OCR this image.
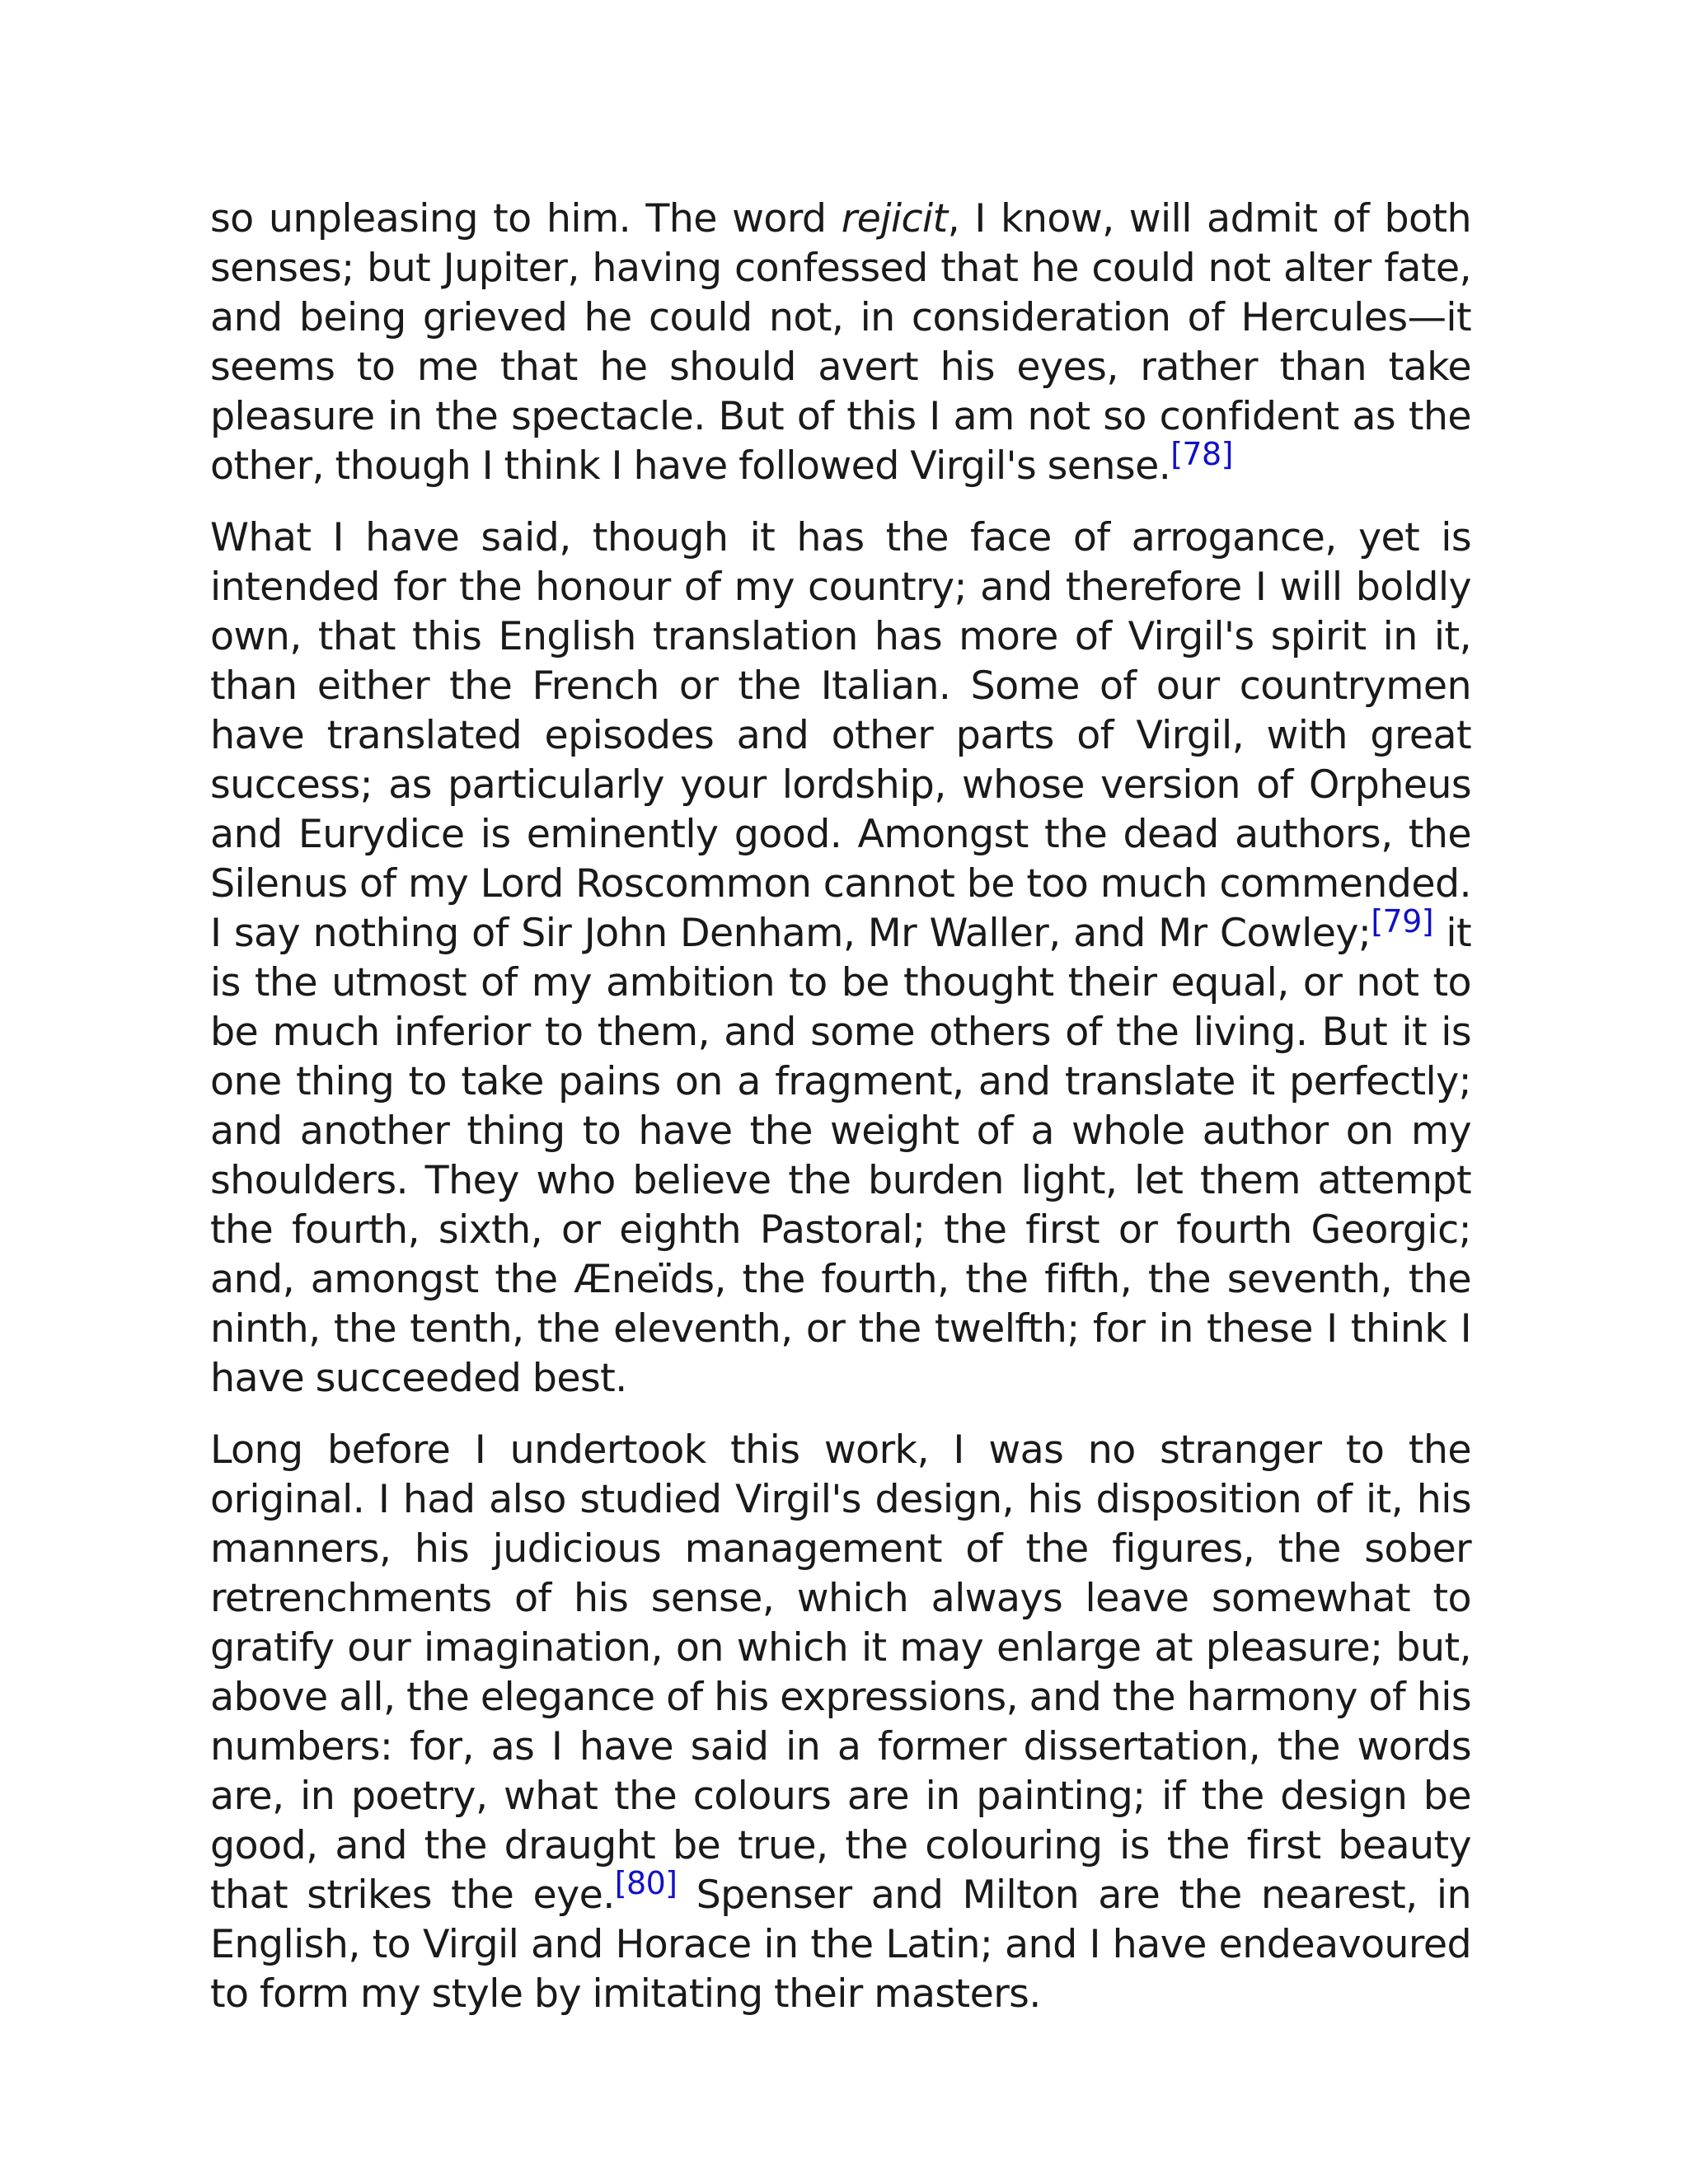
so unpleasing to him. The word rejicit, I know, will admit of both senses; but Jupiter, having confessed that he could not alter fate, and being grieved he could not, in consideration of Hercules—it seems to me that he should avert his eyes, rather than take pleasure in the spectacle. But of this I am not so confident as the other, though I think I have followed Virgil's sense.[78]

What I have said, though it has the face of arrogance, yet is intended for the honour of my country; and therefore I will boldly own, that this English translation has more of Virgil's spirit in it, than either the French or the Italian. Some of our countrymen have translated episodes and other parts of Virgil, with great success; as particularly your lordship, whose version of Orpheus and Eurydice is eminently good. Amongst the dead authors, the Silenus of my Lord Roscommon cannot be too much commended. I say nothing of Sir John Denham, Mr Waller, and Mr Cowley;[79] it is the utmost of my ambition to be thought their equal, or not to be much inferior to them, and some others of the living. But it is one thing to take pains on a fragment, and translate it perfectly; and another thing to have the weight of a whole author on my shoulders. They who believe the burden light, let them attempt the fourth, sixth, or eighth Pastoral; the first or fourth Georgic; and, amongst the Æneïds, the fourth, the fifth, the seventh, the ninth, the tenth, the eleventh, or the twelfth; for in these I think I have succeeded best.

Long before I undertook this work, I was no stranger to the original. I had also studied Virgil's design, his disposition of it, his manners, his judicious management of the figures, the sober retrenchments of his sense, which always leave somewhat to gratify our imagination, on which it may enlarge at pleasure; but, above all, the elegance of his expressions, and the harmony of his numbers: for, as I have said in a former dissertation, the words are, in poetry, what the colours are in painting; if the design be good, and the draught be true, the colouring is the first beauty that strikes the eye.[80] Spenser and Milton are the nearest, in English, to Virgil and Horace in the Latin; and I have endeavoured to form my style by imitating their masters.
